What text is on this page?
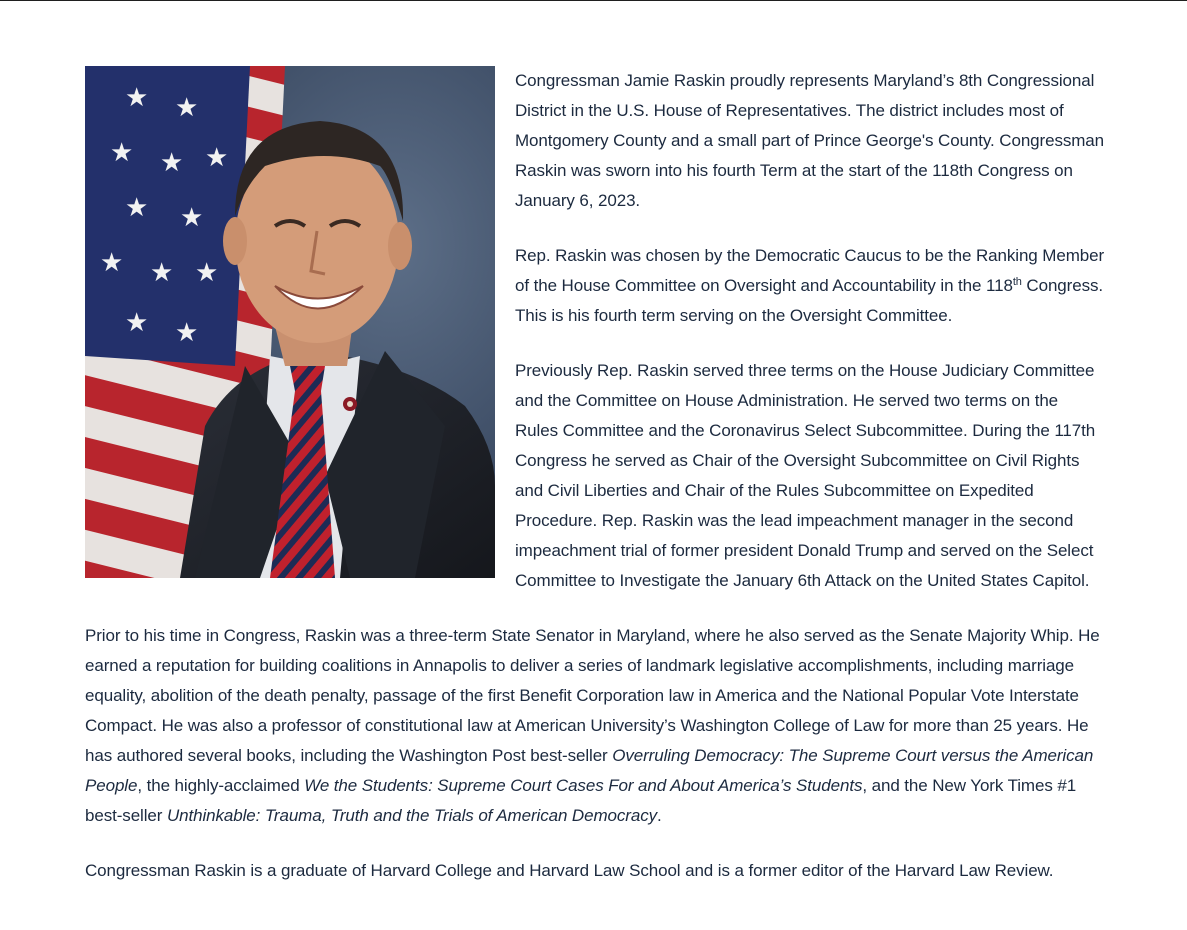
★ ★
★ ★ ★
★ ★
★ ★ ★
★ ★

Congressman Jamie Raskin proudly represents Maryland’s 8th Congressional District in the U.S. House of Representatives. The district includes most of Montgomery County and a small part of Prince George's County. Congressman Raskin was sworn into his fourth Term at the start of the 118th Congress on January 6, 2023.

Rep. Raskin was chosen by the Democratic Caucus to be the Ranking Member of the House Committee on Oversight and Accountability in the 118th Congress. This is his fourth term serving on the Oversight Committee.

Previously Rep. Raskin served three terms on the House Judiciary Committee and the Committee on House Administration. He served two terms on the Rules Committee and the Coronavirus Select Subcommittee. During the 117th Congress he served as Chair of the Oversight Subcommittee on Civil Rights and Civil Liberties and Chair of the Rules Subcommittee on Expedited Procedure. Rep. Raskin was the lead impeachment manager in the second impeachment trial of former president Donald Trump and served on the Select Committee to Investigate the January 6th Attack on the United States Capitol.

Prior to his time in Congress, Raskin was a three-term State Senator in Maryland, where he also served as the Senate Majority Whip. He earned a reputation for building coalitions in Annapolis to deliver a series of landmark legislative accomplishments, including marriage equality, abolition of the death penalty, passage of the first Benefit Corporation law in America and the National Popular Vote Interstate Compact. He was also a professor of constitutional law at American University’s Washington College of Law for more than 25 years. He has authored several books, including the Washington Post best-seller Overruling Democracy: The Supreme Court versus the American People, the highly-acclaimed We the Students: Supreme Court Cases For and About America’s Students, and the New York Times #1 best-seller Unthinkable: Trauma, Truth and the Trials of American Democracy.

Congressman Raskin is a graduate of Harvard College and Harvard Law School and is a former editor of the Harvard Law Review.
